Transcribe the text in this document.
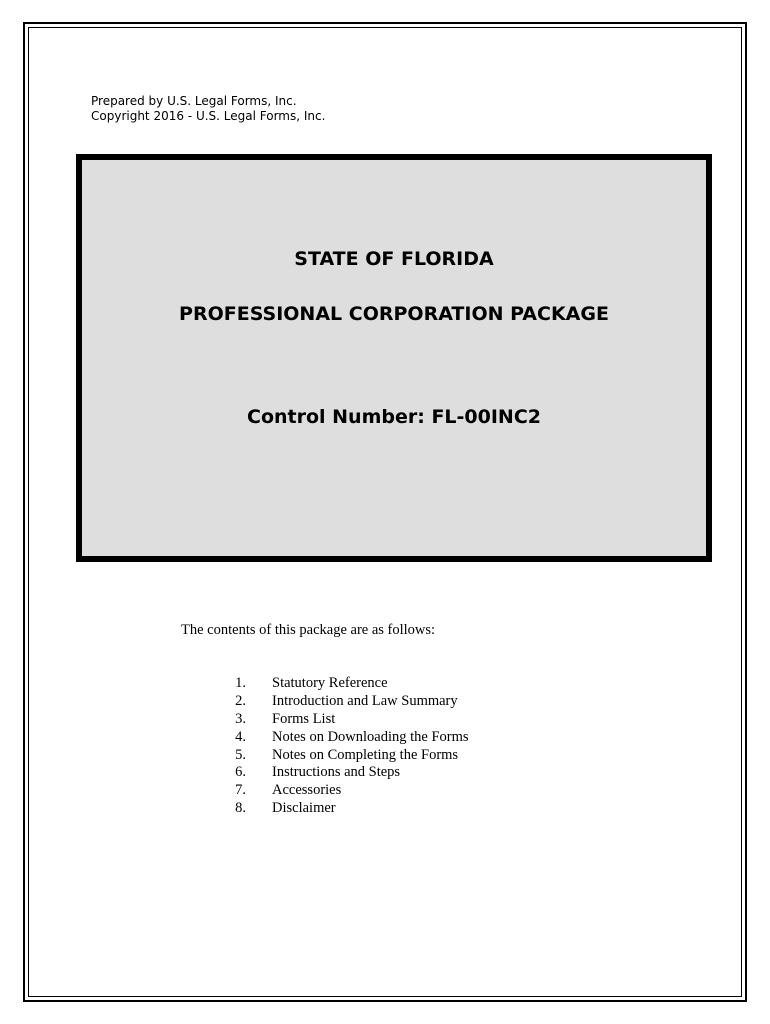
Prepared by U.S. Legal Forms, Inc.
Copyright 2016 - U.S. Legal Forms, Inc.
STATE OF FLORIDA
PROFESSIONAL CORPORATION PACKAGE
Control Number: FL-00INC2
The contents of this package are as follows:
1. Statutory Reference
2. Introduction and Law Summary
3. Forms List
4. Notes on Downloading the Forms
5. Notes on Completing the Forms
6. Instructions and Steps
7. Accessories
8. Disclaimer
